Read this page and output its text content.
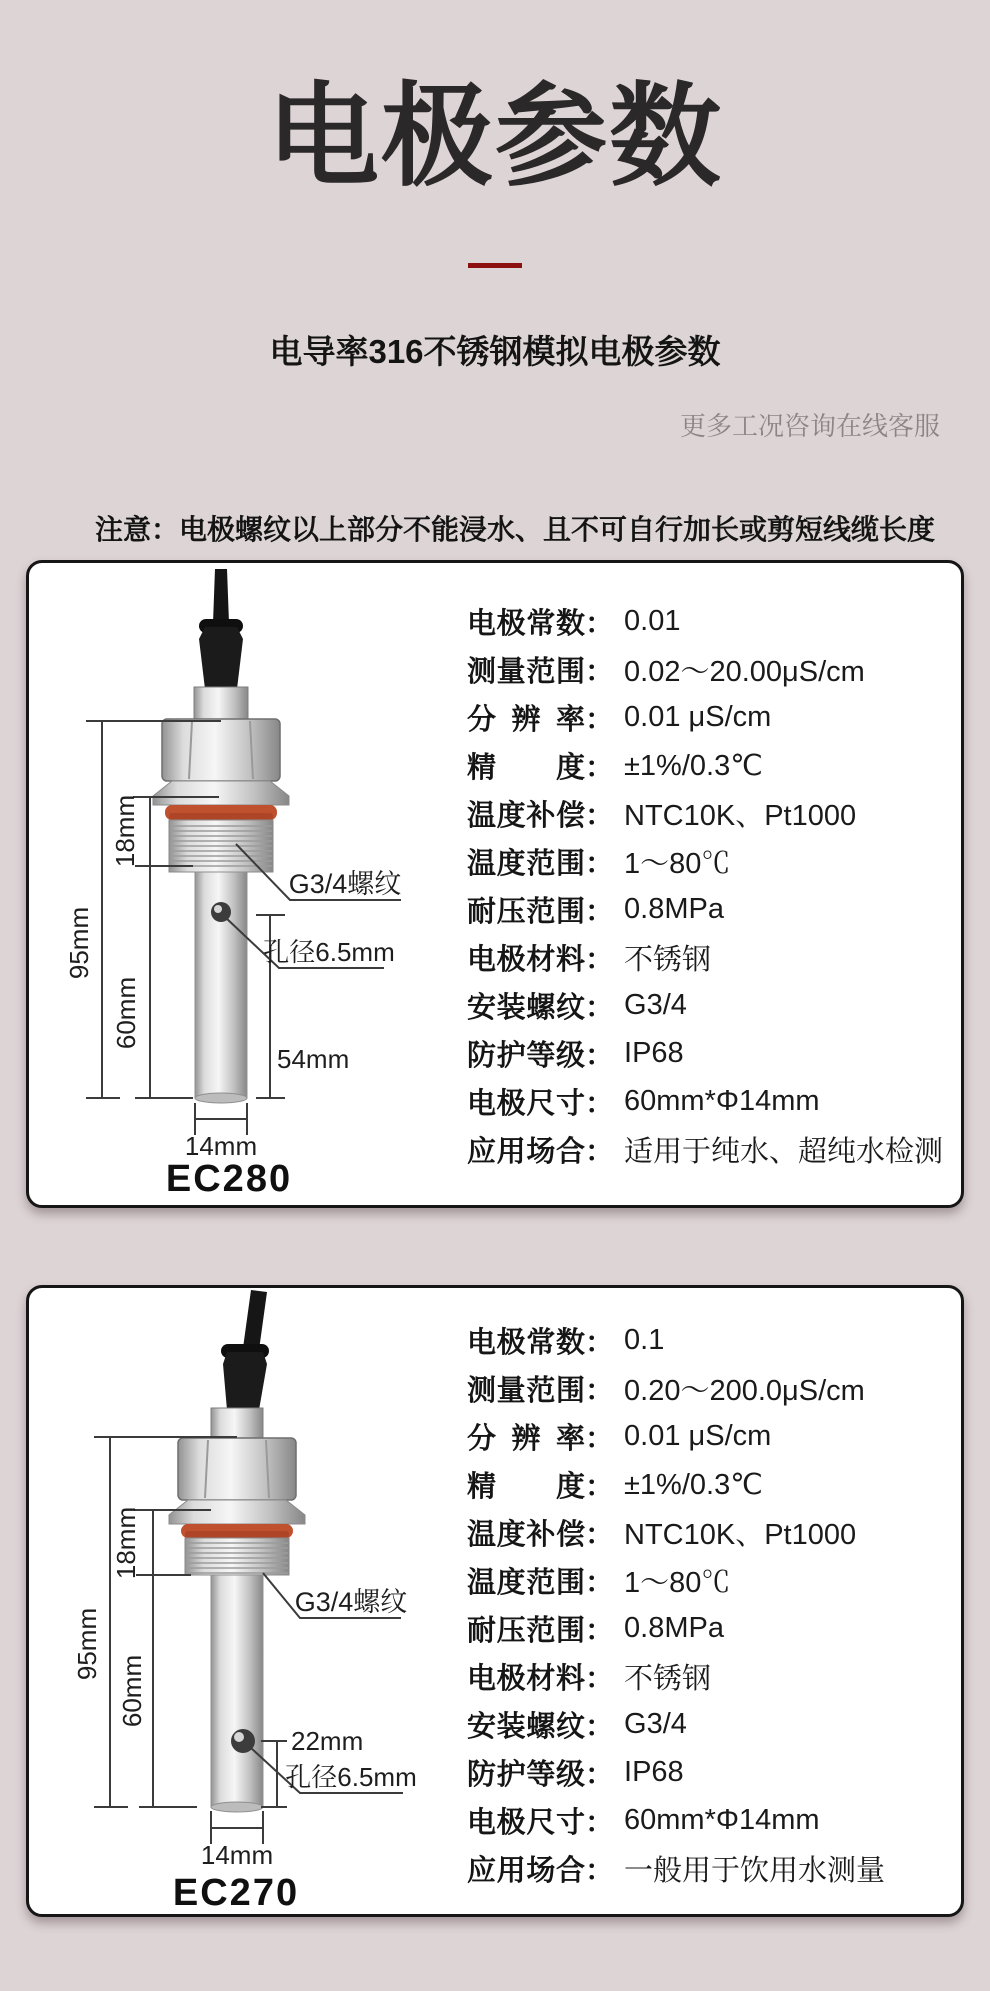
电极参数
电导率316不锈钢模拟电极参数
更多工况咨询在线客服
注意：电极螺纹以上部分不能浸水、且不可自行加长或剪短线缆长度
95mm
18mm
60mm
54mm
14mm
G3/4螺纹
孔径6.5mm
EC280
电极常数 ： 0.01
测量范围 ： 0.02～20.00μS/cm
分辨率 ： 0.01 μS/cm
精度 ： ±1%/0.3℃
温度补偿 ： NTC10K、Pt1000
温度范围 ： 1～80℃
耐压范围 ： 0.8MPa
电极材料 ： 不锈钢
安装螺纹 ： G3/4
防护等级 ： IP68
电极尺寸 ： 60mm*Φ14mm
应用场合 ： 适用于纯水、超纯水检测
95mm
18mm
60mm
22mm
14mm
G3/4螺纹
孔径6.5mm
EC270
电极常数 ： 0.1
测量范围 ： 0.20～200.0μS/cm
分辨率 ： 0.01 μS/cm
精度 ： ±1%/0.3℃
温度补偿 ： NTC10K、Pt1000
温度范围 ： 1～80℃
耐压范围 ： 0.8MPa
电极材料 ： 不锈钢
安装螺纹 ： G3/4
防护等级 ： IP68
电极尺寸 ： 60mm*Φ14mm
应用场合 ： 一般用于饮用水测量
